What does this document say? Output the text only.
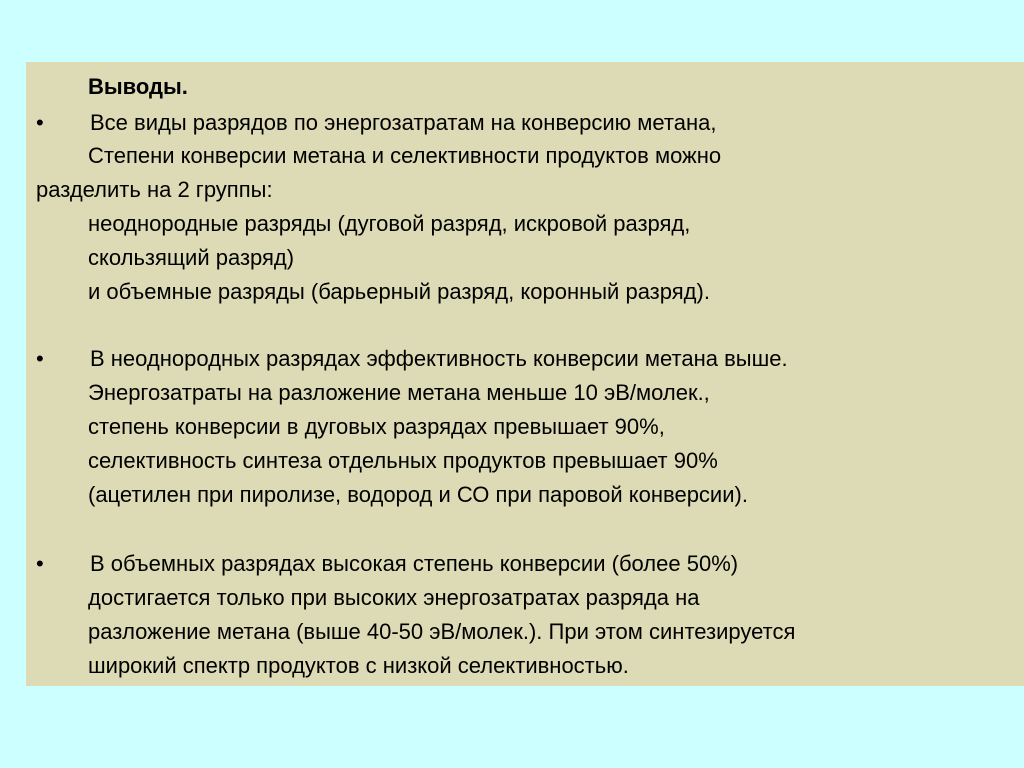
Выводы.
• Все виды разрядов по энергозатратам на конверсию метана,
Степени конверсии метана и селективности продуктов можно
разделить на 2 группы:
неоднородные разряды (дуговой разряд, искровой разряд,
скользящий разряд)
и объемные разряды (барьерный разряд, коронный разряд).
• В неоднородных разрядах эффективность конверсии метана выше.
Энергозатраты на разложение метана меньше 10 эВ/молек.,
степень конверсии в дуговых разрядах превышает 90%,
селективность синтеза отдельных продуктов превышает 90%
(ацетилен при пиролизе, водород и СО при паровой конверсии).
• В объемных разрядах высокая степень конверсии (более 50%)
достигается только при высоких энергозатратах разряда на
разложение метана (выше 40-50 эВ/молек.). При этом синтезируется
широкий спектр продуктов с низкой селективностью.
